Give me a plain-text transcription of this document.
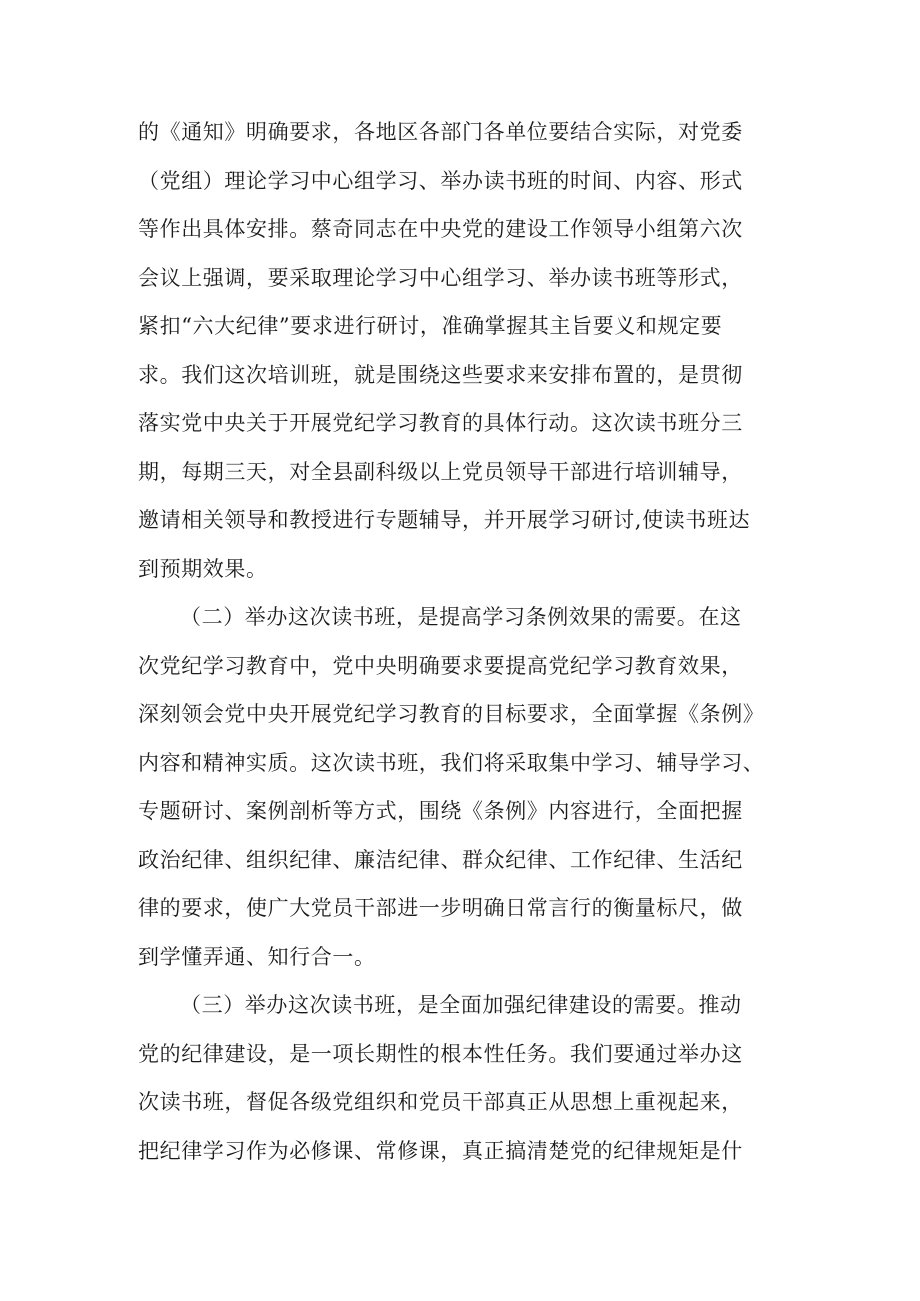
的《通知》明确要求，各地区各部门各单位要结合实际，对党委
（党组）理论学习中心组学习、举办读书班的时间、内容、形式
等作出具体安排。蔡奇同志在中央党的建设工作领导小组第六次
会议上强调，要采取理论学习中心组学习、举办读书班等形式，
紧扣“六大纪律”要求进行研讨，准确掌握其主旨要义和规定要
求。我们这次培训班，就是围绕这些要求来安排布置的，是贯彻
落实党中央关于开展党纪学习教育的具体行动。这次读书班分三
期，每期三天，对全县副科级以上党员领导干部进行培训辅导，
邀请相关领导和教授进行专题辅导，并开展学习研讨,使读书班达
到预期效果。
（二）举办这次读书班，是提高学习条例效果的需要。在这
次党纪学习教育中，党中央明确要求要提高党纪学习教育效果，
深刻领会党中央开展党纪学习教育的目标要求，全面掌握《条例》
内容和精神实质。这次读书班，我们将采取集中学习、辅导学习、
专题研讨、案例剖析等方式，围绕《条例》内容进行，全面把握
政治纪律、组织纪律、廉洁纪律、群众纪律、工作纪律、生活纪
律的要求，使广大党员干部进一步明确日常言行的衡量标尺，做
到学懂弄通、知行合一。
（三）举办这次读书班，是全面加强纪律建设的需要。推动
党的纪律建设，是一项长期性的根本性任务。我们要通过举办这
次读书班，督促各级党组织和党员干部真正从思想上重视起来，
把纪律学习作为必修课、常修课，真正搞清楚党的纪律规矩是什
